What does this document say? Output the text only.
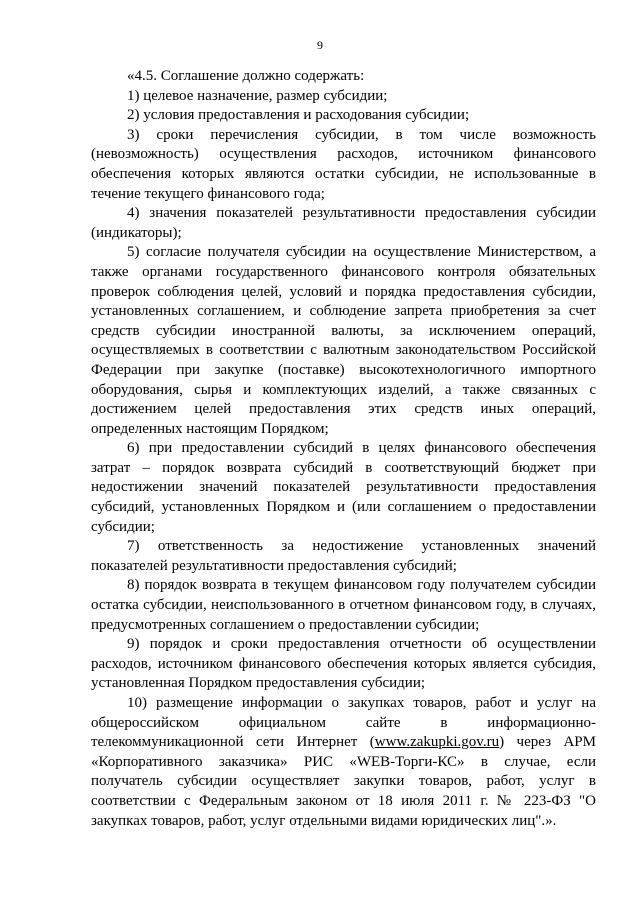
9

«4.5. Соглашение должно содержать:

1) целевое назначение, размер субсидии;

2) условия предоставления и расходования субсидии;

3) сроки перечисления субсидии, в том числе возможность (невозможность) осуществления расходов, источником финансового обеспечения которых являются остатки субсидии, не использованные в течение текущего финансового года;

4) значения показателей результативности предоставления субсидии (индикаторы);

5) согласие получателя субсидии на осуществление Министерством, а также органами государственного финансового контроля обязательных проверок соблюдения целей, условий и порядка предоставления субсидии, установленных соглашением, и соблюдение запрета приобретения за счет средств субсидии иностранной валюты, за исключением операций, осуществляемых в соответствии с валютным законодательством Российской Федерации при закупке (поставке) высокотехнологичного импортного оборудования, сырья и комплектующих изделий, а также связанных с достижением целей предоставления этих средств иных операций, определенных настоящим Порядком;

6) при предоставлении субсидий в целях финансового обеспечения затрат – порядок возврата субсидий в соответствующий бюджет при недостижении значений показателей результативности предоставления субсидий, установленных Порядком и (или соглашением о предоставлении субсидии;

7) ответственность за недостижение установленных значений показателей результативности предоставления субсидий;

8) порядок возврата в текущем финансовом году получателем субсидии остатка субсидии, неиспользованного в отчетном финансовом году, в случаях, предусмотренных соглашением о предоставлении субсидии;

9) порядок и сроки предоставления отчетности об осуществлении расходов, источником финансового обеспечения которых является субсидия, установленная Порядком предоставления субсидии;

10) размещение информации о закупках товаров, работ и услуг на общероссийском официальном сайте в информационно-телекоммуникационной сети Интернет (www.zakupki.gov.ru) через АРМ «Корпоративного заказчика» РИС «WEB-Торги-КС» в случае, если получатель субсидии осуществляет закупки товаров, работ, услуг в соответствии с Федеральным законом от 18 июля 2011 г. № 223-ФЗ "О закупках товаров, работ, услуг отдельными видами юридических лиц".».
